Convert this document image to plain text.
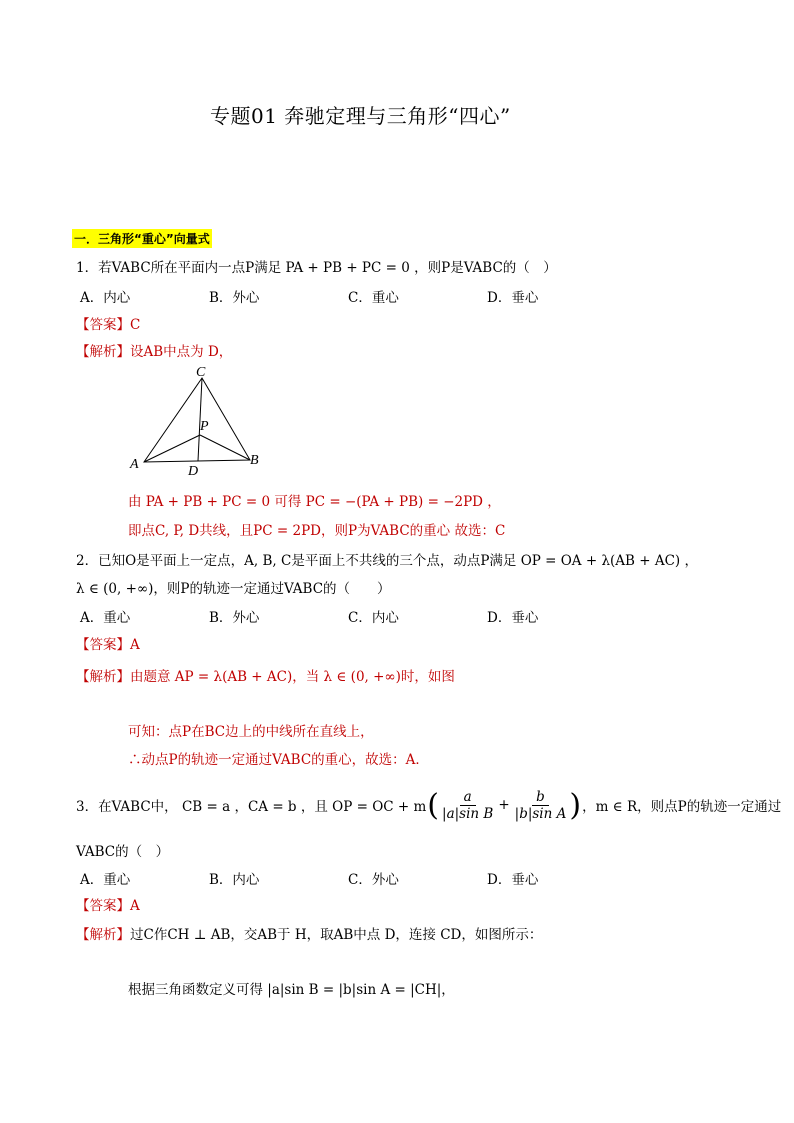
专题01 奔驰定理与三角形“四心”
一．三角形“重心”向量式
1．若VABC所在平面内一点P满足 PA + PB + PC = 0 ，则P是VABC的（　）
A．内心	B．外心	C．重心	D．垂心
【答案】C
【解析】设AB中点为 D，
C
P
A	D
B
由 PA + PB + PC = 0 可得 PC = −(PA + PB) = −2PD ，
即点C, P, D共线，且PC = 2PD，则P为VABC的重心 故选：C
2．已知O是平面上一定点，A, B, C是平面上不共线的三个点，动点P满足 OP = OA + λ(AB + AC) ，
λ ∈ (0, +∞)，则P的轨迹一定通过VABC的（　　）
A．重心	B．外心	C．内心	D．垂心
【答案】A
【解析】由题意 AP = λ(AB + AC)，当 λ ∈ (0, +∞)时，如图
可知：点P在BC边上的中线所在直线上，
∴动点P的轨迹一定通过VABC的重心，故选：A．
3．在VABC中， CB = a ，CA = b ，且 OP = OC + m ( $\frac{a}{\text{|a|sin B}} + \frac{b}{\text{|b|sin A}}$ ) ，m ∈ R，则点P的轨迹一定通过
VABC的（　）
A．重心	B．内心	C．外心	D．垂心
【答案】A
【解析】过C作CH ⊥ AB，交AB于 H，取AB中点 D，连接 CD，如图所示：
根据三角函数定义可得 |a|sin B = |b|sin A = |CH|，
